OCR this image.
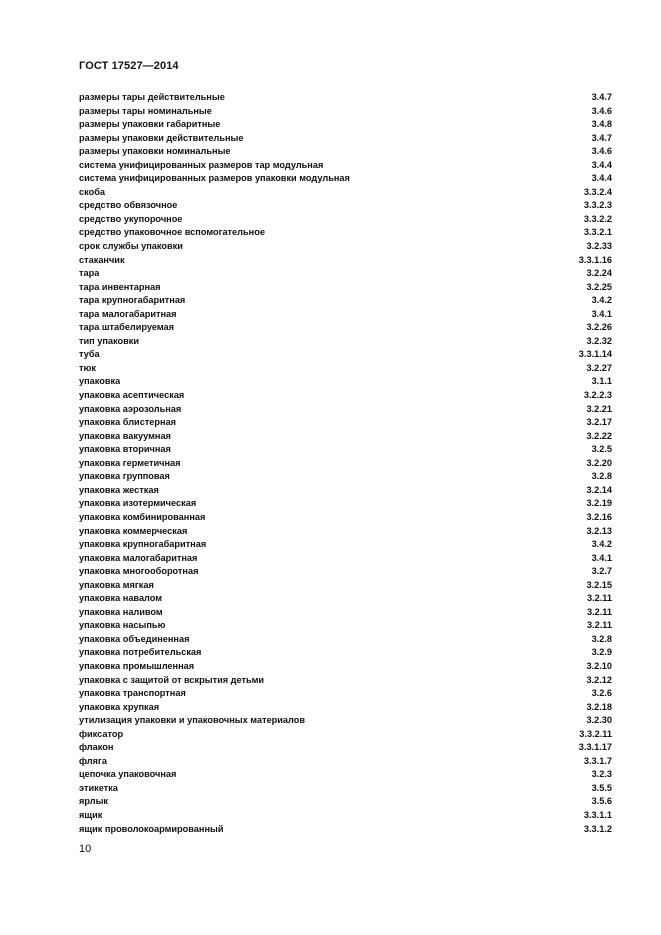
ГОСТ 17527—2014
размеры тары действительные	3.4.7
размеры тары номинальные	3.4.6
размеры упаковки габаритные	3.4.8
размеры упаковки действительные	3.4.7
размеры упаковки номинальные	3.4.6
система унифицированных размеров тар модульная	3.4.4
система унифицированных размеров упаковки модульная	3.4.4
скоба	3.3.2.4
средство обвязочное	3.3.2.3
средство укупорочное	3.3.2.2
средство упаковочное вспомогательное	3.3.2.1
срок службы упаковки	3.2.33
стаканчик	3.3.1.16
тара	3.2.24
тара инвентарная	3.2.25
тара крупногабаритная	3.4.2
тара малогабаритная	3.4.1
тара штабелируемая	3.2.26
тип упаковки	3.2.32
туба	3.3.1.14
тюк	3.2.27
упаковка	3.1.1
упаковка асептическая	3.2.2.3
упаковка аэрозольная	3.2.21
упаковка блистерная	3.2.17
упаковка вакуумная	3.2.22
упаковка вторичная	3.2.5
упаковка герметичная	3.2.20
упаковка групповая	3.2.8
упаковка жесткая	3.2.14
упаковка изотермическая	3.2.19
упаковка комбинированная	3.2.16
упаковка коммерческая	3.2.13
упаковка крупногабаритная	3.4.2
упаковка малогабаритная	3.4.1
упаковка многооборотная	3.2.7
упаковка мягкая	3.2.15
упаковка навалом	3.2.11
упаковка наливом	3.2.11
упаковка насыпью	3.2.11
упаковка объединенная	3.2.8
упаковка потребительская	3.2.9
упаковка промышленная	3.2.10
упаковка с защитой от вскрытия детьми	3.2.12
упаковка транспортная	3.2.6
упаковка хрупкая	3.2.18
утилизация упаковки и упаковочных материалов	3.2.30
фиксатор	3.3.2.11
флакон	3.3.1.17
фляга	3.3.1.7
цепочка упаковочная	3.2.3
этикетка	3.5.5
ярлык	3.5.6
ящик	3.3.1.1
ящик проволокоармированный	3.3.1.2
10
